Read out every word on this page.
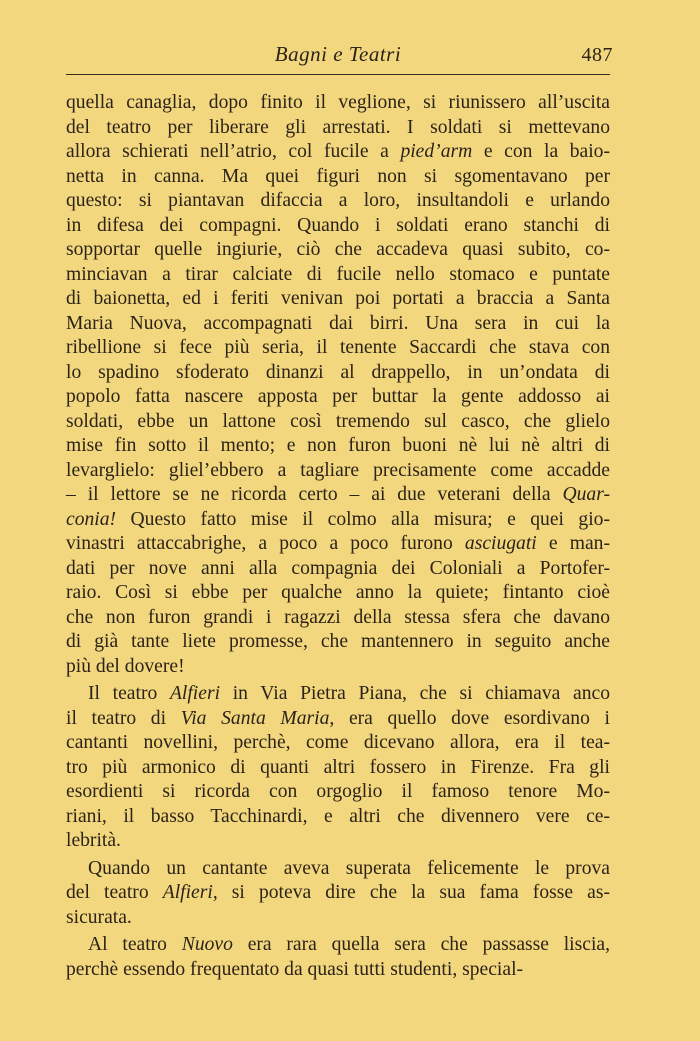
Bagni e Teatri	487
quella canaglia, dopo finito il veglione, si riunissero all’uscita
del teatro per liberare gli arrestati. I soldati si mettevano
allora schierati nell’atrio, col fucile a pied’arm e con la baio-
netta in canna. Ma quei figuri non si sgomentavano per
questo: si piantavan difaccia a loro, insultandoli e urlando
in difesa dei compagni. Quando i soldati erano stanchi di
sopportar quelle ingiurie, ciò che accadeva quasi subito, co-
minciavan a tirar calciate di fucile nello stomaco e puntate
di baionetta, ed i feriti venivan poi portati a braccia a Santa
Maria Nuova, accompagnati dai birri. Una sera in cui la
ribellione si fece più seria, il tenente Saccardi che stava con
lo spadino sfoderato dinanzi al drappello, in un’ondata di
popolo fatta nascere apposta per buttar la gente addosso ai
soldati, ebbe un lattone così tremendo sul casco, che glielo
mise fin sotto il mento; e non furon buoni nè lui nè altri di
levarglielo: gliel’ebbero a tagliare precisamente come accadde
– il lettore se ne ricorda certo – ai due veterani della Quar-
conia! Questo fatto mise il colmo alla misura; e quei gio-
vinastri attaccabrighe, a poco a poco furono asciugati e man-
dati per nove anni alla compagnia dei Coloniali a Portofer-
raio. Così si ebbe per qualche anno la quiete; fintanto cioè
che non furon grandi i ragazzi della stessa sfera che davano
di già tante liete promesse, che mantennero in seguito anche
più del dovere!
Il teatro Alfieri in Via Pietra Piana, che si chiamava anco
il teatro di Via Santa Maria, era quello dove esordivano i
cantanti novellini, perchè, come dicevano allora, era il tea-
tro più armonico di quanti altri fossero in Firenze. Fra gli
esordienti si ricorda con orgoglio il famoso tenore Mo-
riani, il basso Tacchinardi, e altri che divennero vere ce-
lebrità.
Quando un cantante aveva superata felicemente le prova
del teatro Alfieri, si poteva dire che la sua fama fosse as-
sicurata.
Al teatro Nuovo era rara quella sera che passasse liscia,
perchè essendo frequentato da quasi tutti studenti, special-
